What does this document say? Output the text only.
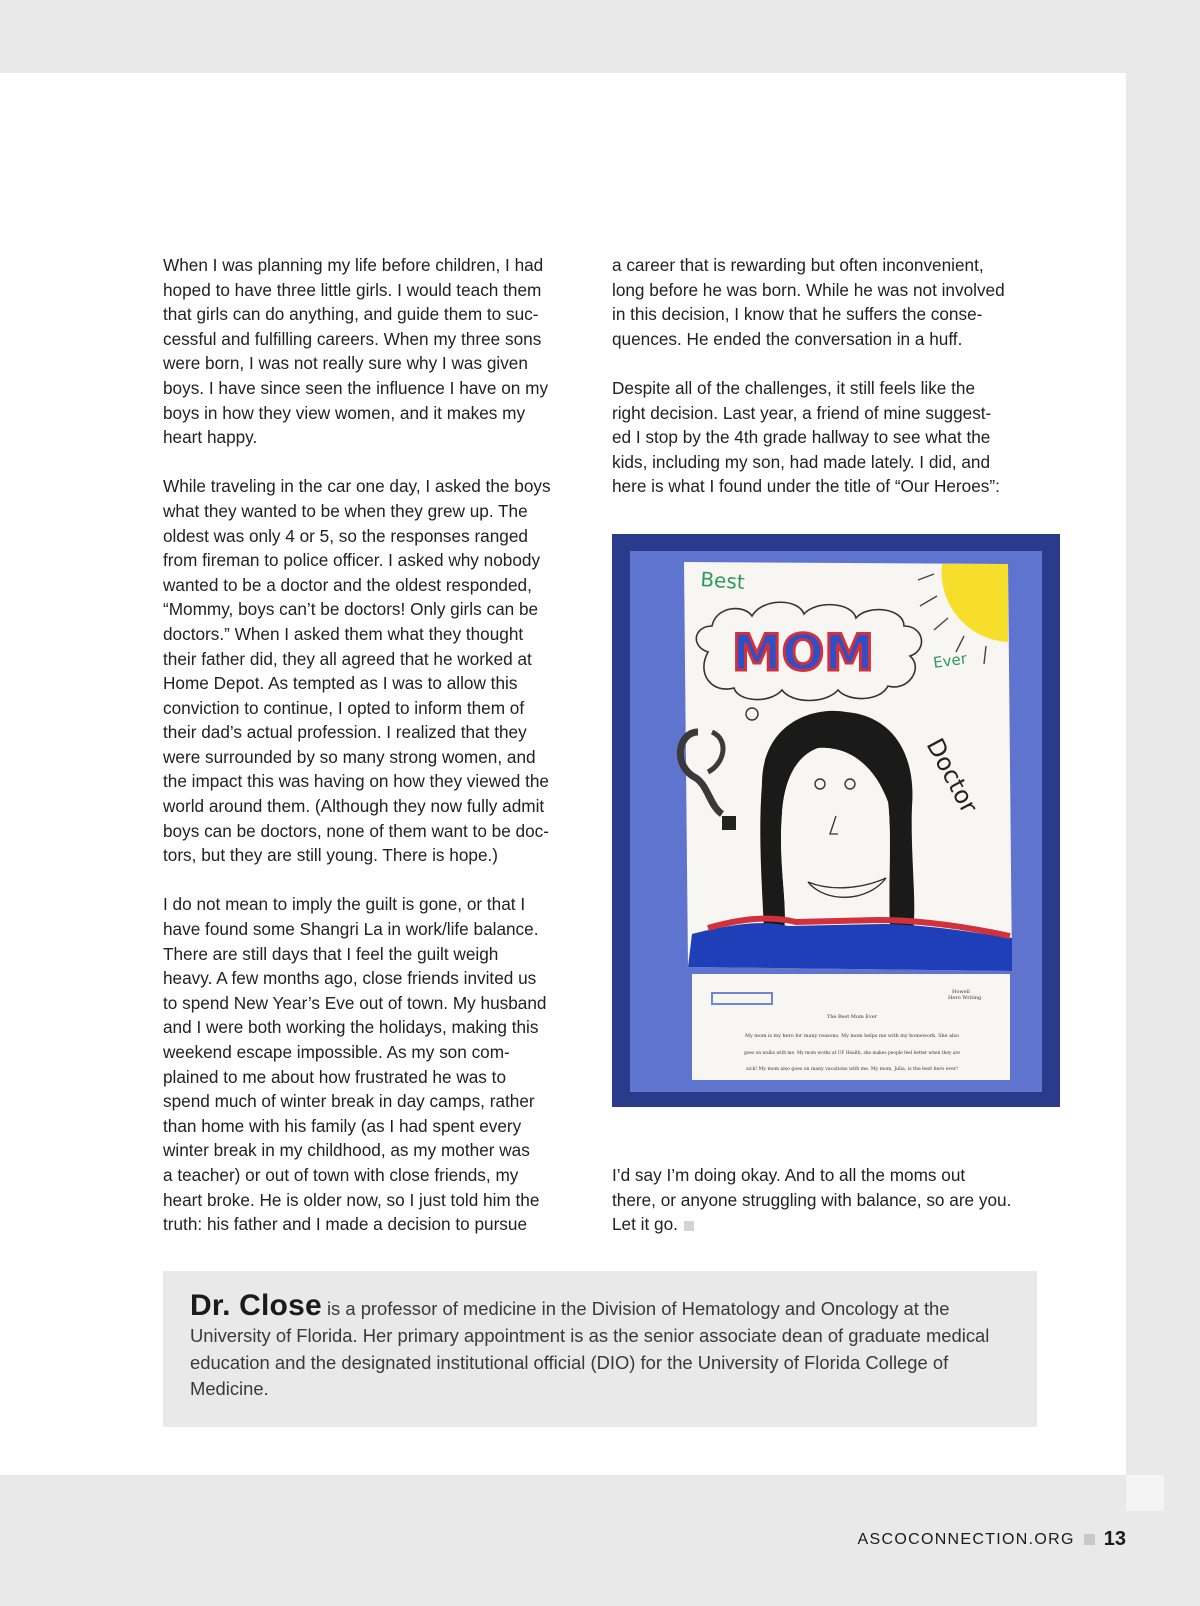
When I was planning my life before children, I had
hoped to have three little girls. I would teach them
that girls can do anything, and guide them to suc-
cessful and fulfilling careers. When my three sons
were born, I was not really sure why I was given
boys. I have since seen the influence I have on my
boys in how they view women, and it makes my
heart happy.

While traveling in the car one day, I asked the boys
what they wanted to be when they grew up. The
oldest was only 4 or 5, so the responses ranged
from fireman to police officer. I asked why nobody
wanted to be a doctor and the oldest responded,
“Mommy, boys can’t be doctors! Only girls can be
doctors.” When I asked them what they thought
their father did, they all agreed that he worked at
Home Depot. As tempted as I was to allow this
conviction to continue, I opted to inform them of
their dad’s actual profession. I realized that they
were surrounded by so many strong women, and
the impact this was having on how they viewed the
world around them. (Although they now fully admit
boys can be doctors, none of them want to be doc-
tors, but they are still young. There is hope.)

I do not mean to imply the guilt is gone, or that I
have found some Shangri La in work/life balance.
There are still days that I feel the guilt weigh
heavy. A few months ago, close friends invited us
to spend New Year’s Eve out of town. My husband
and I were both working the holidays, making this
weekend escape impossible. As my son com-
plained to me about how frustrated he was to
spend much of winter break in day camps, rather
than home with his family (as I had spent every
winter break in my childhood, as my mother was
a teacher) or out of town with close friends, my
heart broke. He is older now, so I just told him the
truth: his father and I made a decision to pursue

a career that is rewarding but often inconvenient,
long before he was born. While he was not involved
in this decision, I know that he suffers the conse-
quences. He ended the conversation in a huff.

Despite all of the challenges, it still feels like the
right decision. Last year, a friend of mine suggest-
ed I stop by the 4th grade hallway to see what the
kids, including my son, had made lately. I did, and
here is what I found under the title of “Our Heroes”:

Best
MOM	Ever
Doctor
Howell
Hero Writing
The Best Mom Ever
My mom is my hero for many reasons. My mom helps me with my homework. She also
goes on walks with me. My mom works at UF Health, she makes people feel better when they are
sick! My mom also goes on many vacations with me. My mom, Julia, is the best hero ever!
I’d say I’m doing okay. And to all the moms out
there, or anyone struggling with balance, so are you.
Let it go.
Dr. Close is a professor of medicine in the Division of Hematology and Oncology at the University of Florida. Her primary appointment is as the senior associate dean of graduate medical education and the designated institutional official (DIO) for the University of Florida College of Medicine.
ASCOCONNECTION.ORG 13
